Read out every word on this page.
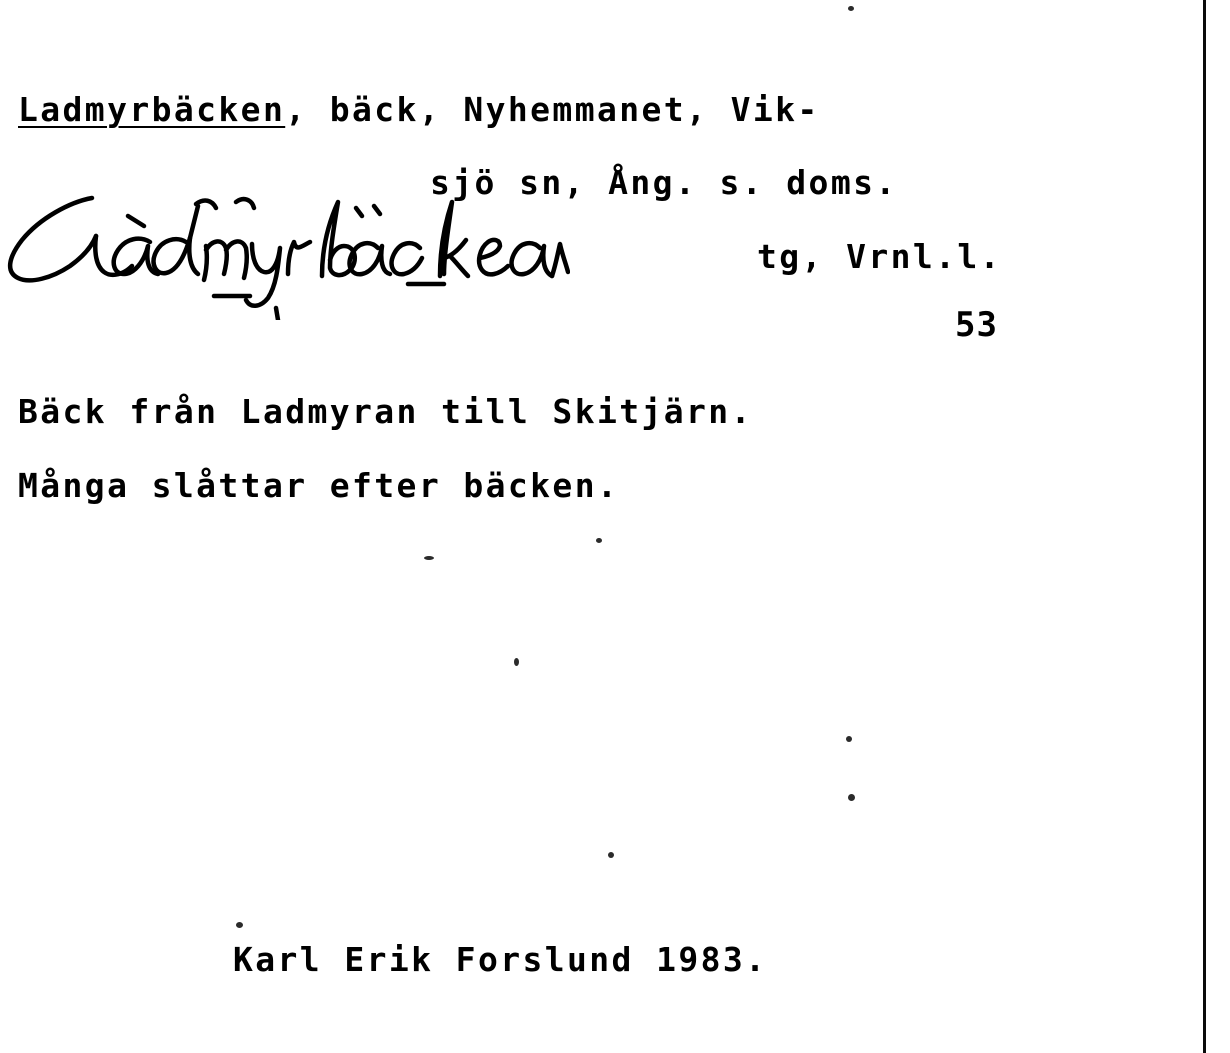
Ladmyrbäcken, bäck, Nyhemmanet, Vik-
sjö sn, Ång. s. doms.
tg, Vrnl.l.
53
Bäck från Ladmyran till Skitjärn.
Många slåttar efter bäcken.
Karl Erik Forslund 1983.
